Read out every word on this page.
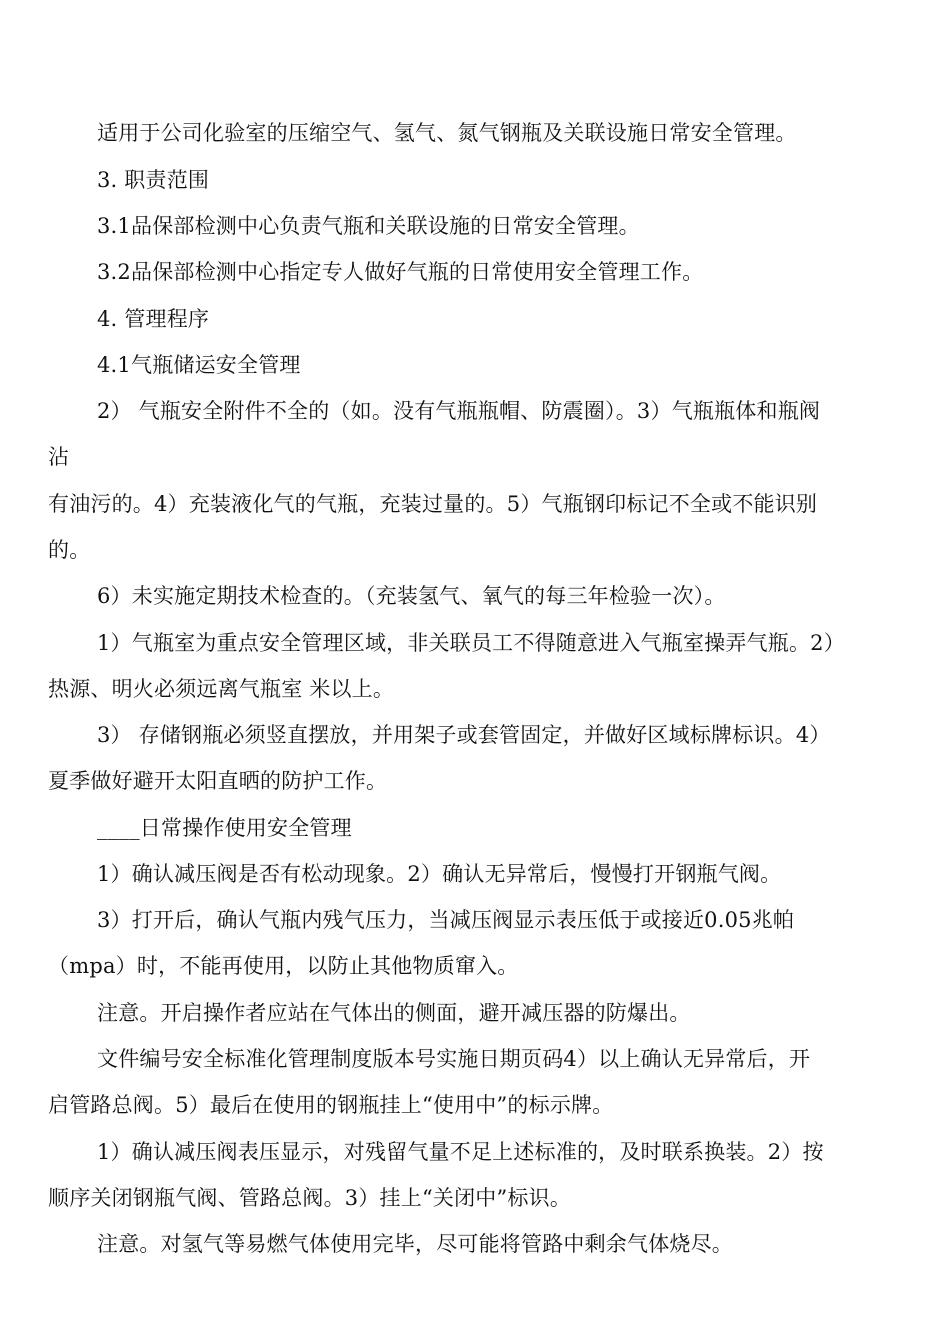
适用于公司化验室的压缩空气、氢气、氮气钢瓶及关联设施日常安全管理。
3. 职责范围
3.1品保部检测中心负责气瓶和关联设施的日常安全管理。
3.2品保部检测中心指定专人做好气瓶的日常使用安全管理工作。
4. 管理程序
4.1气瓶储运安全管理
2） 气瓶安全附件不全的（如。没有气瓶瓶帽、防震圈）。3）气瓶瓶体和瓶阀
沾
有油污的。4）充装液化气的气瓶，充装过量的。5）气瓶钢印标记不全或不能识别
的。
6）未实施定期技术检查的。（充装氢气、氧气的每三年检验一次）。
1）气瓶室为重点安全管理区域，非关联员工不得随意进入气瓶室操弄气瓶。2）
热源、明火必须远离气瓶室 米以上。
3） 存储钢瓶必须竖直摆放，并用架子或套管固定，并做好区域标牌标识。4）
夏季做好避开太阳直晒的防护工作。
____日常操作使用安全管理
1）确认减压阀是否有松动现象。2）确认无异常后，慢慢打开钢瓶气阀。
3）打开后，确认气瓶内残气压力，当减压阀显示表压低于或接近0.05兆帕
（mpa）时，不能再使用，以防止其他物质窜入。
注意。开启操作者应站在气体出的侧面，避开减压器的防爆出。
文件编号安全标准化管理制度版本号实施日期页码4）以上确认无异常后，开
启管路总阀。5）最后在使用的钢瓶挂上“使用中”的标示牌。
1）确认减压阀表压显示，对残留气量不足上述标准的，及时联系换装。2）按
顺序关闭钢瓶气阀、管路总阀。3）挂上“关闭中”标识。
注意。对氢气等易燃气体使用完毕，尽可能将管路中剩余气体烧尽。
